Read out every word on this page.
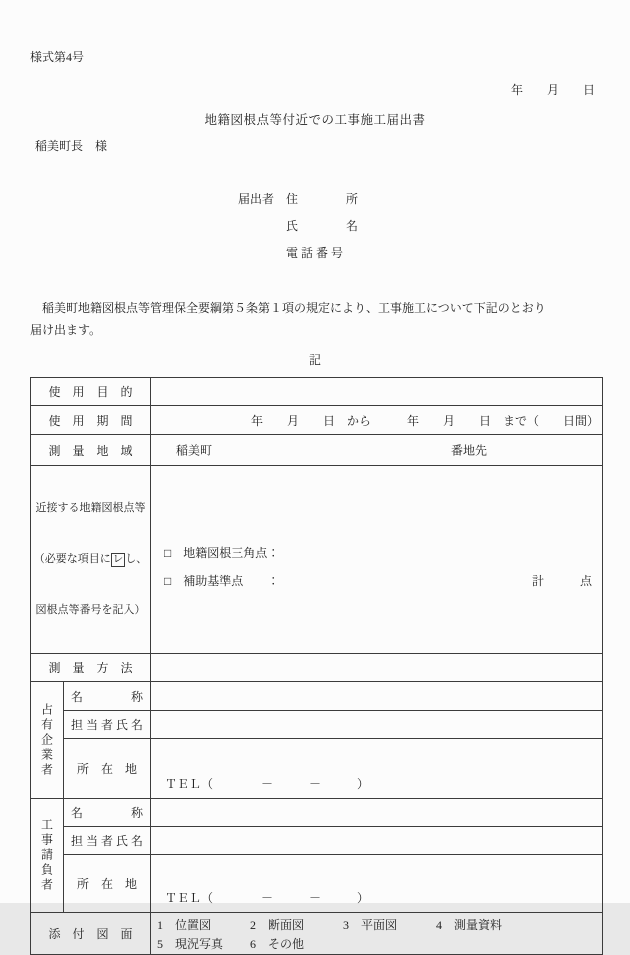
様式第4号
年　　月　　日
地籍図根点等付近での工事施工届出書
稲美町長　様
届出者　住　　　　所
　　　　氏　　　　名
　　　　電 話 番 号
　稲美町地籍図根点等管理保全要綱第５条第１項の規定により、工事施工について下記のとおり
届け出ます。
記
使　用　目　的		
使　用　期　間		年　　月　　日　から　　　年　　月　　日　まで（　　日間）
測　量　地　域		稲美町 番地先

近接する地籍図根点等

（必要な項目に レ し、

図根点等番号を記入）

□　地籍図根三角点：
□　補助基準点　　：	計　　　点

測　量　方　法		

占有企業者	名　　　　称	
	担 当 者 氏 名	
	所　在　地	ＴＥＬ（　　　　－　　　－　　　）

工事請負者	名　　　　称	
	担 当 者 氏 名	
	所　在　地	ＴＥＬ（　　　　－　　　－　　　）

添　付　図　面		1　位置図 2　断面図 3　平面図 4　測量資料
5　現況写真 6　その他
